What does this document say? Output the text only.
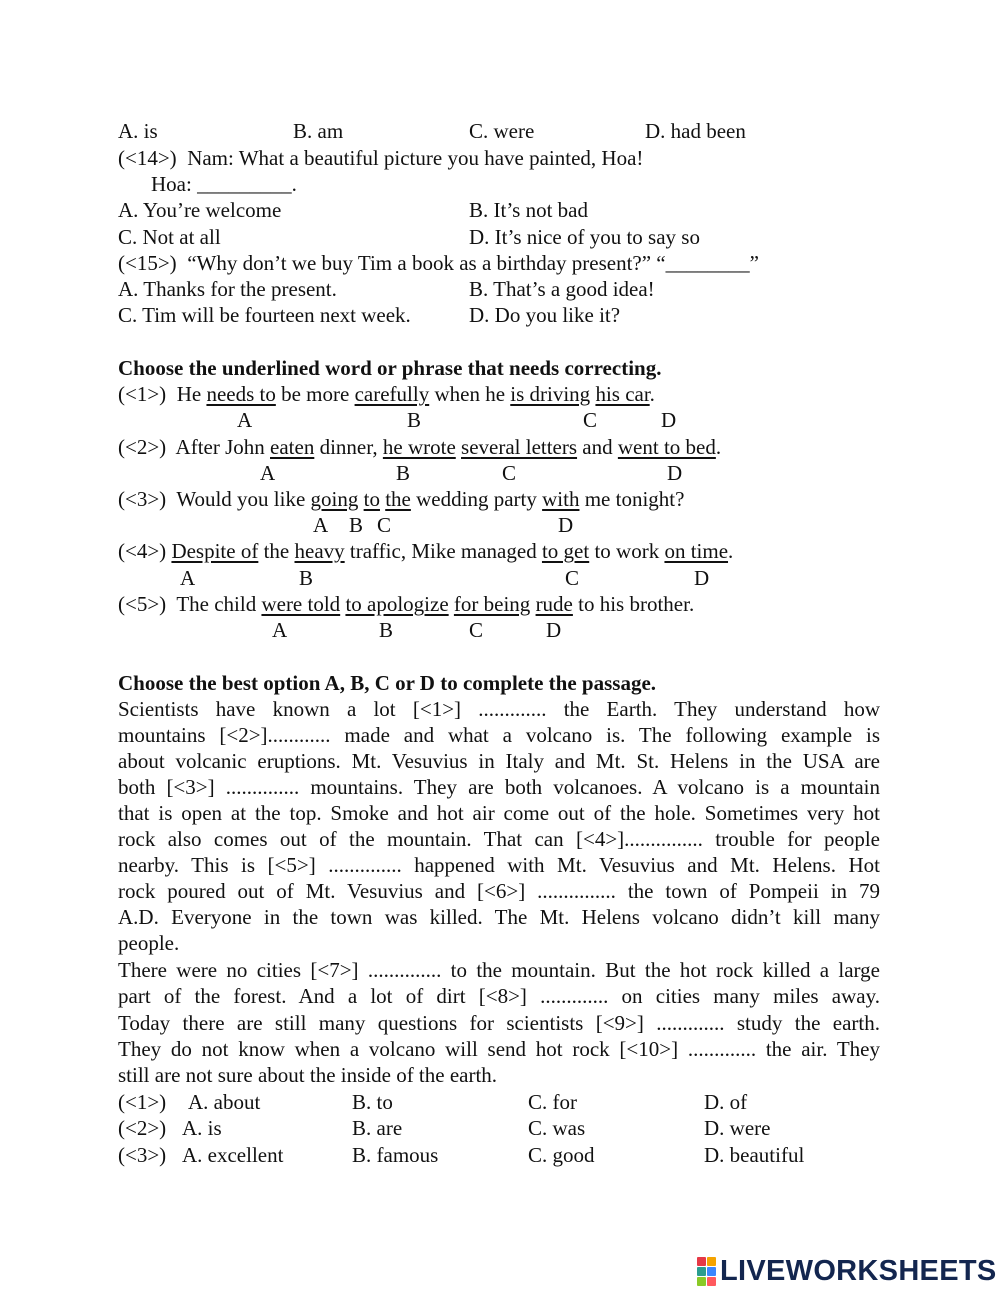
A. is	B. am	C. were	D. had been
(<14>) Nam: What a beautiful picture you have painted, Hoa!
Hoa: _________.
A. You’re welcome	B. It’s not bad
C. Not at all	D. It’s nice of you to say so
(<15>) “Why don’t we buy Tim a book as a birthday present?” “________”
A. Thanks for the present.	B. That’s a good idea!
C. Tim will be fourteen next week.	D. Do you like it?
Choose the underlined word or phrase that needs correcting.
(<1>) He needs to be more carefully when he is driving his car.
A	B	C	D
(<2>) After John eaten dinner, he wrote several letters and went to bed.
A	B	C	D
(<3>) Would you like going to the wedding party with me tonight?
A B C	D
(<4>) Despite of the heavy traffic, Mike managed to get to work on time.
A	B	C	D
(<5>) The child were told to apologize for being rude to his brother.
A	B	C	D
Choose the best option A, B, C or D to complete the passage.
Scientists have known a lot [<1>] ............. the Earth. They understand how
mountains [<2>]............ made and what a volcano is. The following example is
about volcanic eruptions. Mt. Vesuvius in Italy and Mt. St. Helens in the USA are
both [<3>] .............. mountains. They are both volcanoes. A volcano is a mountain
that is open at the top. Smoke and hot air come out of the hole. Sometimes very hot
rock also comes out of the mountain. That can [<4>]............... trouble for people
nearby. This is [<5>] .............. happened with Mt. Vesuvius and Mt. Helens. Hot
rock poured out of Mt. Vesuvius and [<6>] ............... the town of Pompeii in 79
A.D. Everyone in the town was killed. The Mt. Helens volcano didn’t kill many
people.
There were no cities [<7>] .............. to the mountain. But the hot rock killed a large
part of the forest. And a lot of dirt [<8>] ............. on cities many miles away.
Today there are still many questions for scientists [<9>] ............. study the earth.
They do not know when a volcano will send hot rock [<10>] ............. the air. They
still are not sure about the inside of the earth.
(<1>) A. about	B. to	C. for	D. of
(<2>) A. is	B. are	C. was	D. were
(<3>) A. excellent	B. famous	C. good	D. beautiful
LIVEWORKSHEETS
